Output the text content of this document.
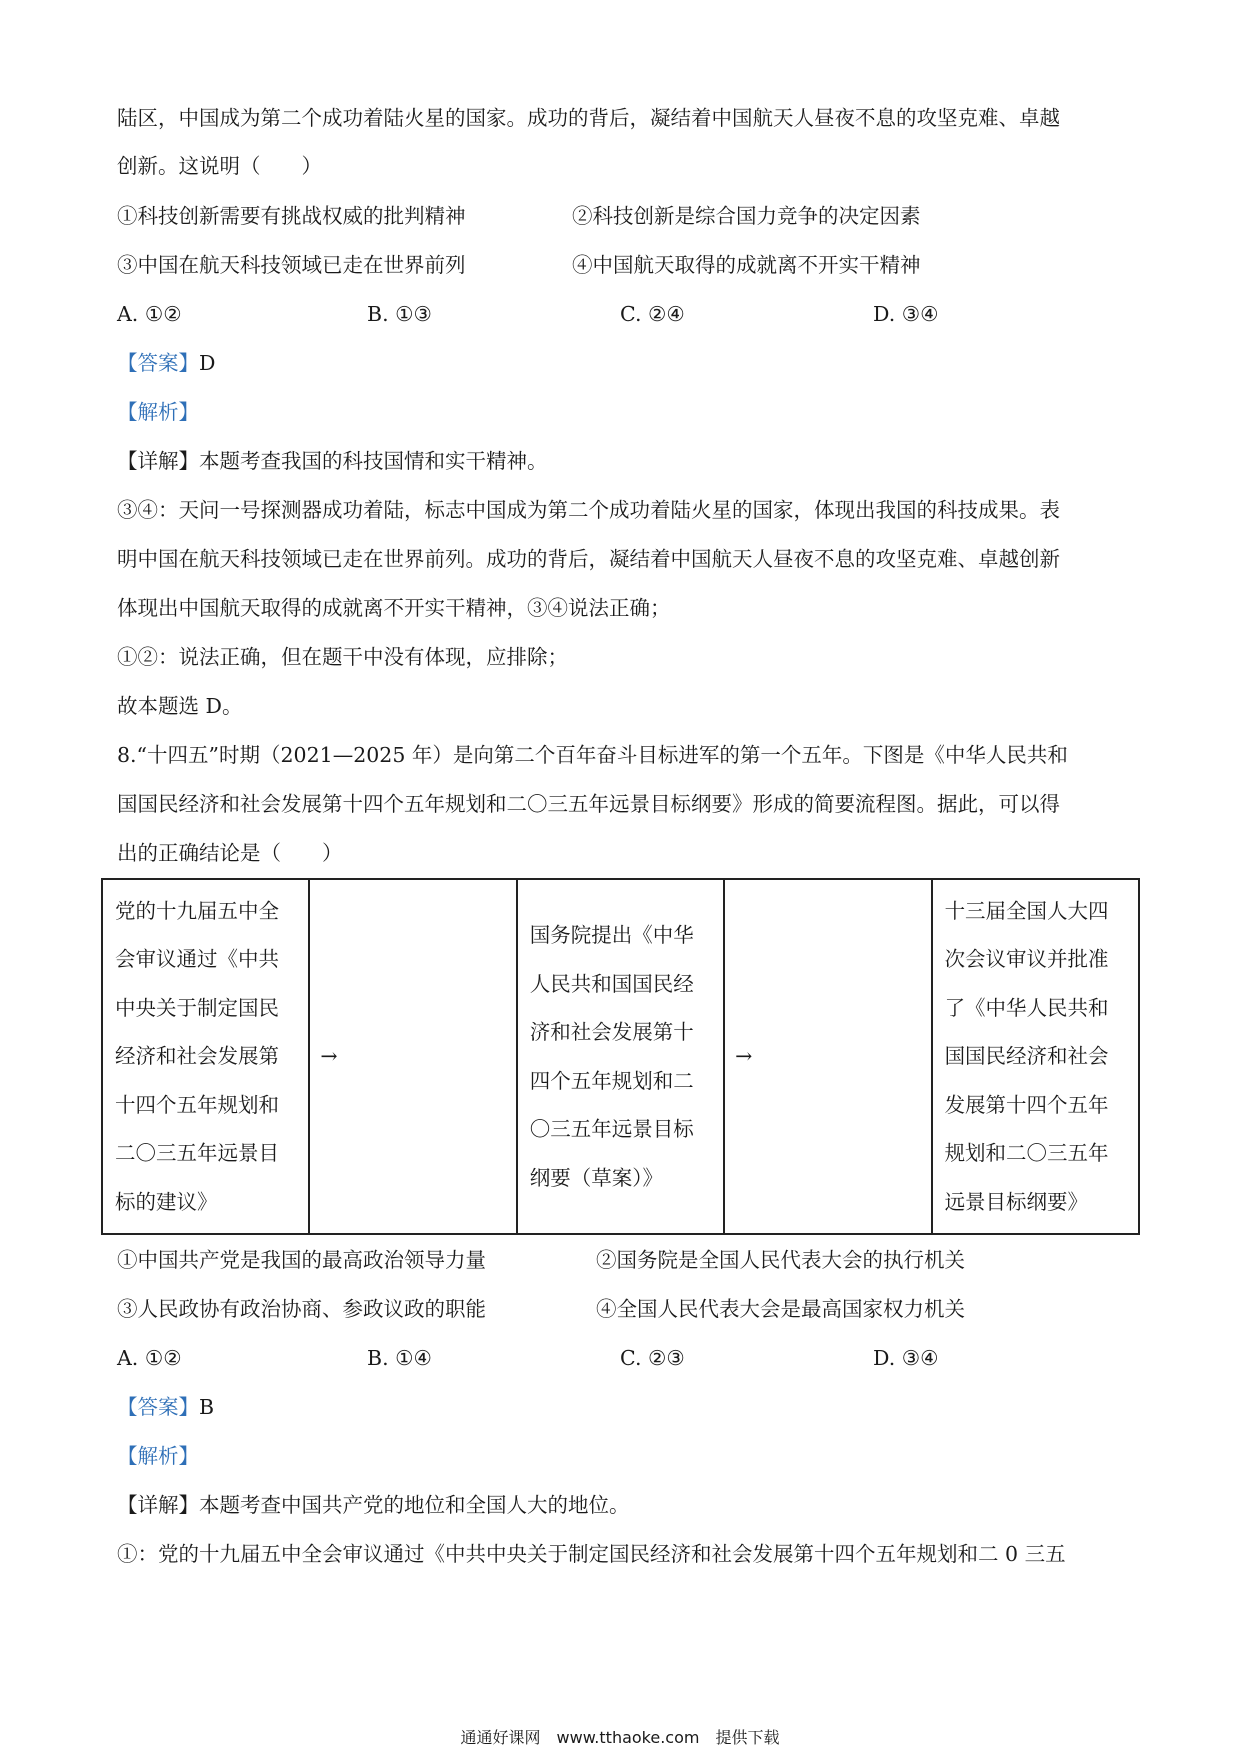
陆区，中国成为第二个成功着陆火星的国家。成功的背后，凝结着中国航天人昼夜不息的攻坚克难、卓越
创新。这说明（　　）
①科技创新需要有挑战权威的批判精神	②科技创新是综合国力竞争的决定因素
③中国在航天科技领域已走在世界前列	④中国航天取得的成就离不开实干精神
A. ①②	B. ①③	C. ②④	D. ③④
【答案】D
【解析】
【详解】本题考查我国的科技国情和实干精神。
③④：天问一号探测器成功着陆，标志中国成为第二个成功着陆火星的国家，体现出我国的科技成果。表
明中国在航天科技领域已走在世界前列。成功的背后，凝结着中国航天人昼夜不息的攻坚克难、卓越创新
体现出中国航天取得的成就离不开实干精神，③④说法正确；
①②：说法正确，但在题干中没有体现，应排除；
故本题选 D。
8.“十四五”时期（2021—2025 年）是向第二个百年奋斗目标进军的第一个五年。下图是《中华人民共和
国国民经济和社会发展第十四个五年规划和二〇三五年远景目标纲要》形成的简要流程图。据此，可以得
出的正确结论是（　　）
党的十九届五中全
会审议通过《中共
中央关于制定国民
经济和社会发展第
十四个五年规划和
二〇三五年远景目
标的建议》
	→	
国务院提出《中华
人民共和国国民经
济和社会发展第十
四个五年规划和二
〇三五年远景目标
纲要（草案）》
	→	
十三届全国人大四
次会议审议并批准
了《中华人民共和
国国民经济和社会
发展第十四个五年
规划和二〇三五年
远景目标纲要》
①中国共产党是我国的最高政治领导力量	②国务院是全国人民代表大会的执行机关
③人民政协有政治协商、参政议政的职能	④全国人民代表大会是最高国家权力机关
A. ①②	B. ①④	C. ②③	D. ③④
【答案】B
【解析】
【详解】本题考查中国共产党的地位和全国人大的地位。
①：党的十九届五中全会审议通过《中共中央关于制定国民经济和社会发展第十四个五年规划和二 0 三五
通通好课网　www.tthaoke.com　提供下载
